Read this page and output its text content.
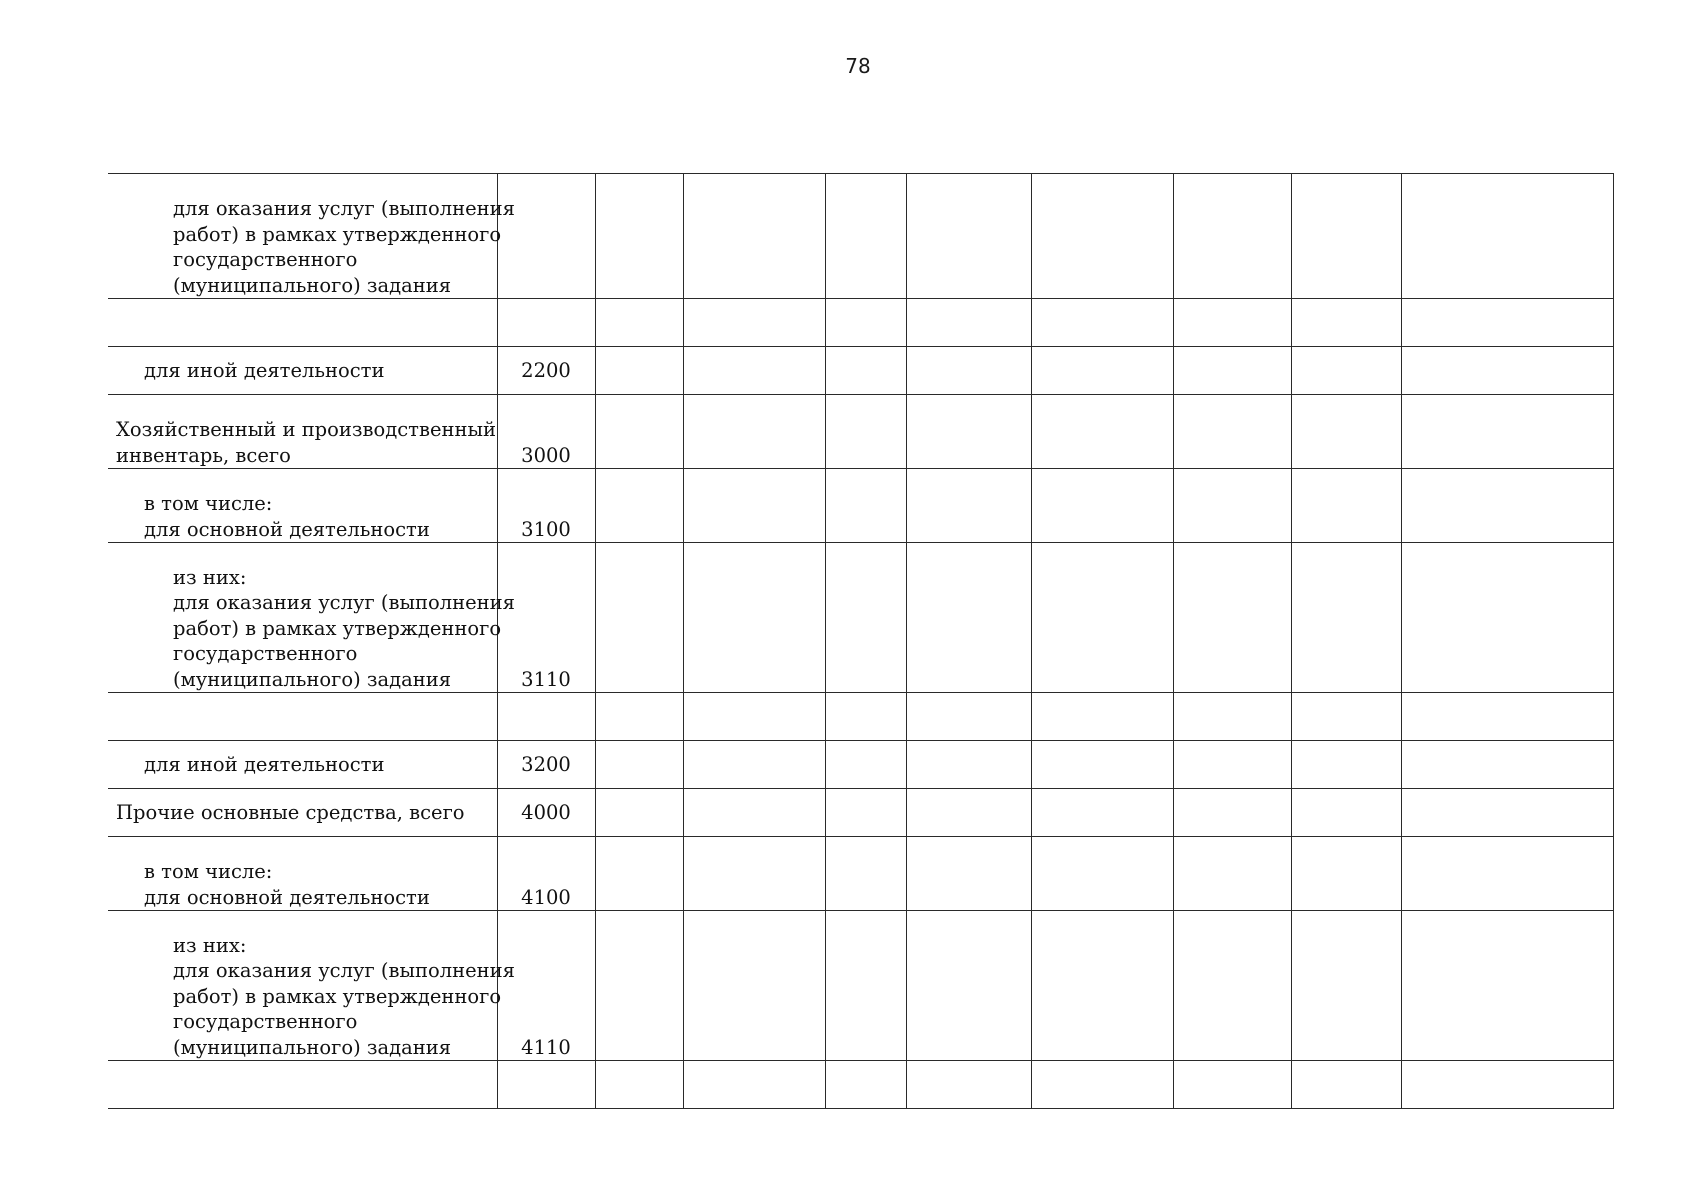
78
для оказания услуг (выполнения
работ) в рамках утвержденного
государственного
(муниципального) задания									

для иной деятельности	2200								

Хозяйственный и производственный
инвентарь, всего	3000								

в том числе:
для основной деятельности	3100								

из них:
для оказания услуг (выполнения
работ) в рамках утвержденного
государственного
(муниципального) задания	3110								

для иной деятельности	3200								

Прочие основные средства, всего	4000								

в том числе:
для основной деятельности	4100								

из них:
для оказания услуг (выполнения
работ) в рамках утвержденного
государственного
(муниципального) задания	4110								
